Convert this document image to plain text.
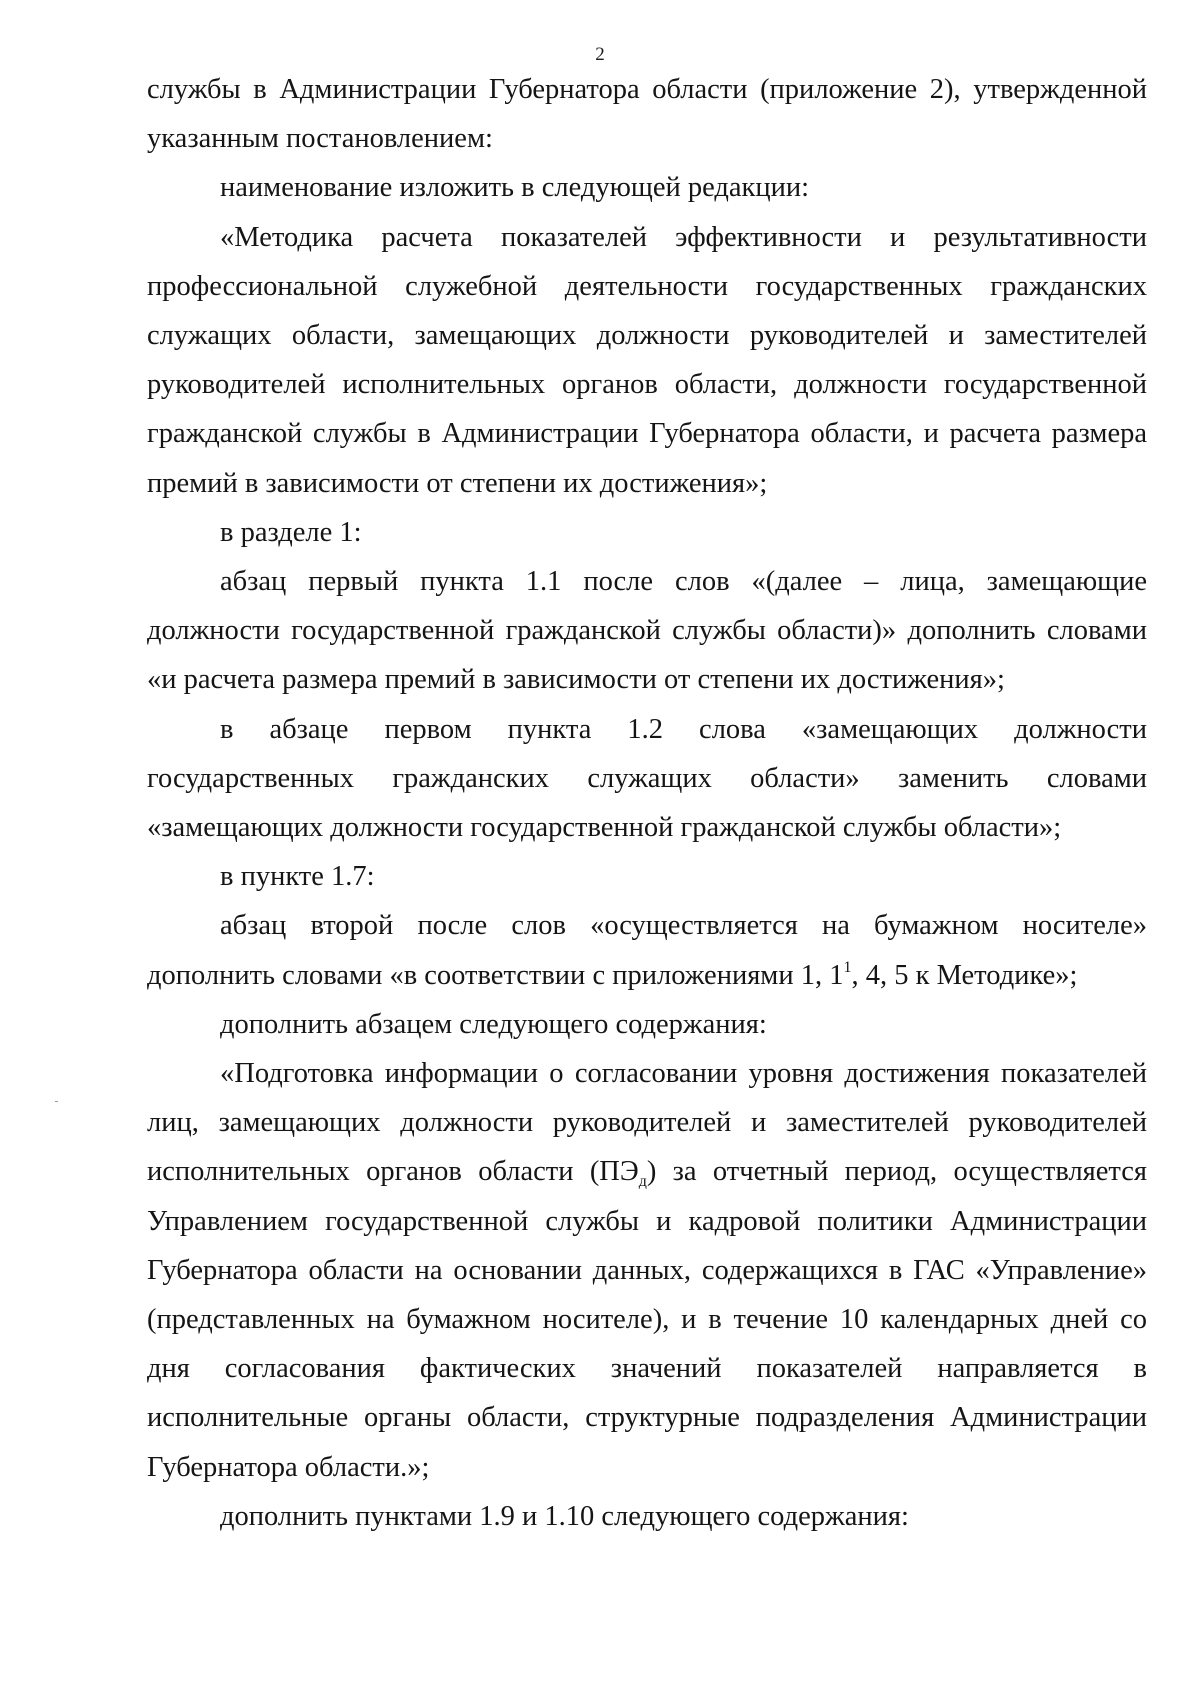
2

службы в Администрации Губернатора области (приложение 2), утвержденной указанным постановлением:

наименование изложить в следующей редакции:

«Методика расчета показателей эффективности и результативности профессиональной служебной деятельности государственных гражданских служащих области, замещающих должности руководителей и заместителей руководителей исполнительных органов области, должности государственной гражданской службы в Администрации Губернатора области, и расчета размера премий в зависимости от степени их достижения»;

в разделе 1:

абзац первый пункта 1.1 после слов «(далее – лица, замещающие должности государственной гражданской службы области)» дополнить словами «и расчета размера премий в зависимости от степени их достижения»;

в абзаце первом пункта 1.2 слова «замещающих должности государственных гражданских служащих области» заменить словами «замещающих должности государственной гражданской службы области»;

в пункте 1.7:

абзац второй после слов «осуществляется на бумажном носителе» дополнить словами «в соответствии с приложениями 1, $1^1$, 4, 5 к Методике»;

дополнить абзацем следующего содержания:

«Подготовка информации о согласовании уровня достижения показателей лиц, замещающих должности руководителей и заместителей руководителей исполнительных органов области $(ПЭ_д)$ за отчетный период, осуществляется Управлением государственной службы и кадровой политики Администрации Губернатора области на основании данных, содержащихся в ГАС «Управление» (представленных на бумажном носителе), и в течение 10 календарных дней со дня согласования фактических значений показателей направляется в исполнительные органы области, структурные подразделения Администрации Губернатора области.»;

дополнить пунктами 1.9 и 1.10 следующего содержания:
